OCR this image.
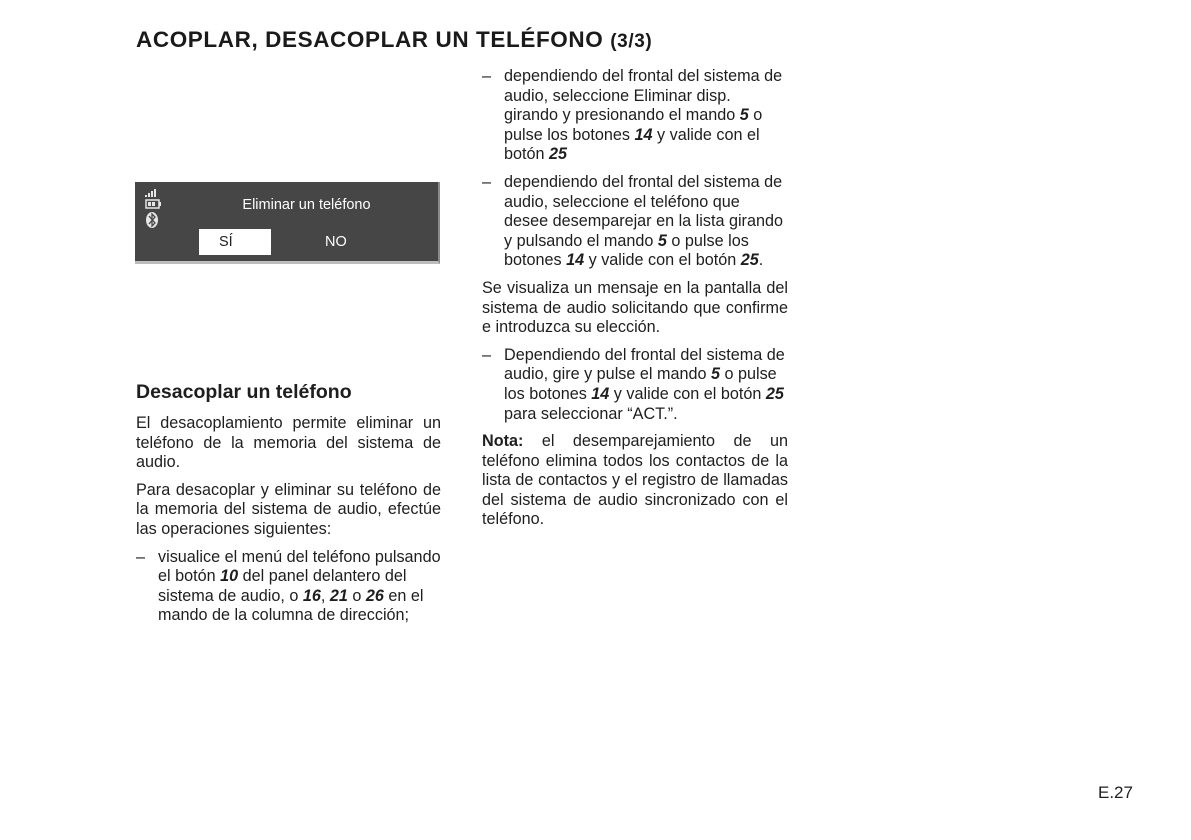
ACOPLAR, DESACOPLAR UN TELÉFONO (3/3)
Eliminar un teléfono
SÍ	NO
Desacoplar un teléfono

El desacoplamiento permite eliminar un teléfono de la memoria del sistema de audio.

Para desacoplar y eliminar su teléfono de la memoria del sistema de audio, efectúe las operaciones siguientes:

– visualice el menú del teléfono pulsando el botón 10 del panel delantero del sistema de audio, o 16, 21 o 26 en el mando de la columna de dirección;
– dependiendo del frontal del sistema de audio, seleccione Eliminar disp. girando y presionando el mando 5 o pulse los botones 14 y valide con el botón 25
– dependiendo del frontal del sistema de audio, seleccione el teléfono que desee desemparejar en la lista girando y pulsando el mando 5 o pulse los botones 14 y valide con el botón 25.

Se visualiza un mensaje en la pantalla del sistema de audio solicitando que confirme e introduzca su elección.

– Dependiendo del frontal del sistema de audio, gire y pulse el mando 5 o pulse los botones 14 y valide con el botón 25 para seleccionar “ACT.”.

Nota: el desemparejamiento de un teléfono elimina todos los contactos de la lista de contactos y el registro de llamadas del sistema de audio sincronizado con el teléfono.

E.27
